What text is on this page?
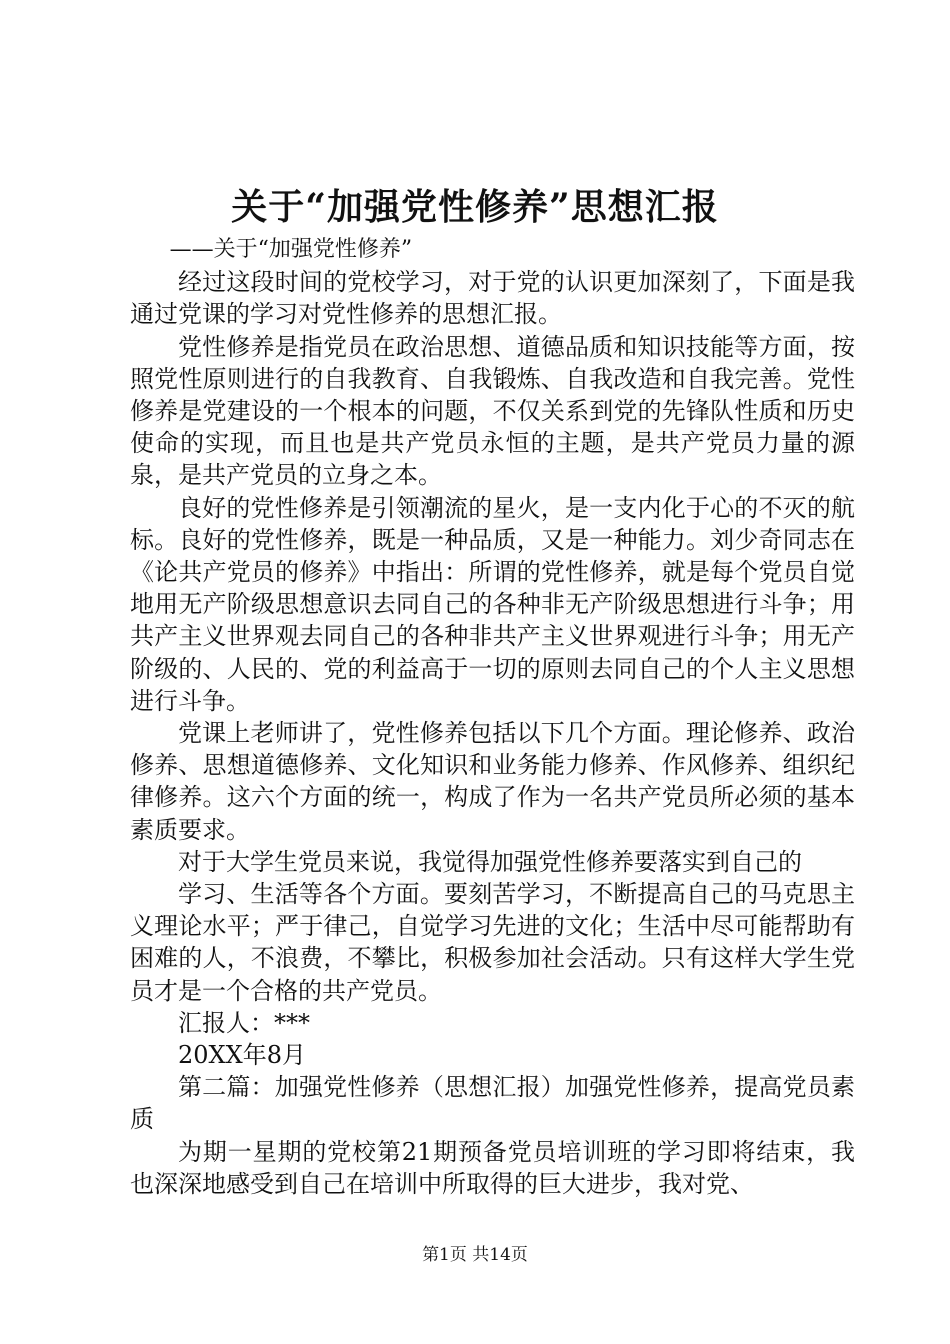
关于“加强党性修养”思想汇报

——关于“加强党性修养”

经过这段时间的党校学习，对于党的认识更加深刻了，下面是我通过党课的学习对党性修养的思想汇报。

党性修养是指党员在政治思想、道德品质和知识技能等方面，按照党性原则进行的自我教育、自我锻炼、自我改造和自我完善。党性修养是党建设的一个根本的问题，不仅关系到党的先锋队性质和历史使命的实现，而且也是共产党员永恒的主题，是共产党员力量的源泉，是共产党员的立身之本。

良好的党性修养是引领潮流的星火，是一支内化于心的不灭的航标。良好的党性修养，既是一种品质，又是一种能力。刘少奇同志在《论共产党员的修养》中指出：所谓的党性修养，就是每个党员自觉地用无产阶级思想意识去同自己的各种非无产阶级思想进行斗争；用共产主义世界观去同自己的各种非共产主义世界观进行斗争；用无产阶级的、人民的、党的利益高于一切的原则去同自己的个人主义思想进行斗争。

党课上老师讲了，党性修养包括以下几个方面。理论修养、政治修养、思想道德修养、文化知识和业务能力修养、作风修养、组织纪律修养。这六个方面的统一，构成了作为一名共产党员所必须的基本素质要求。

对于大学生党员来说，我觉得加强党性修养要落实到自己的

学习、生活等各个方面。要刻苦学习，不断提高自己的马克思主义理论水平；严于律己，自觉学习先进的文化；生活中尽可能帮助有困难的人，不浪费，不攀比，积极参加社会活动。只有这样大学生党员才是一个合格的共产党员。

汇报人：***

20XX年8月

第二篇：加强党性修养（思想汇报）加强党性修养，提高党员素质

为期一星期的党校第21期预备党员培训班的学习即将结束，我也深深地感受到自己在培训中所取得的巨大进步，我对党、

第1页 共14页
